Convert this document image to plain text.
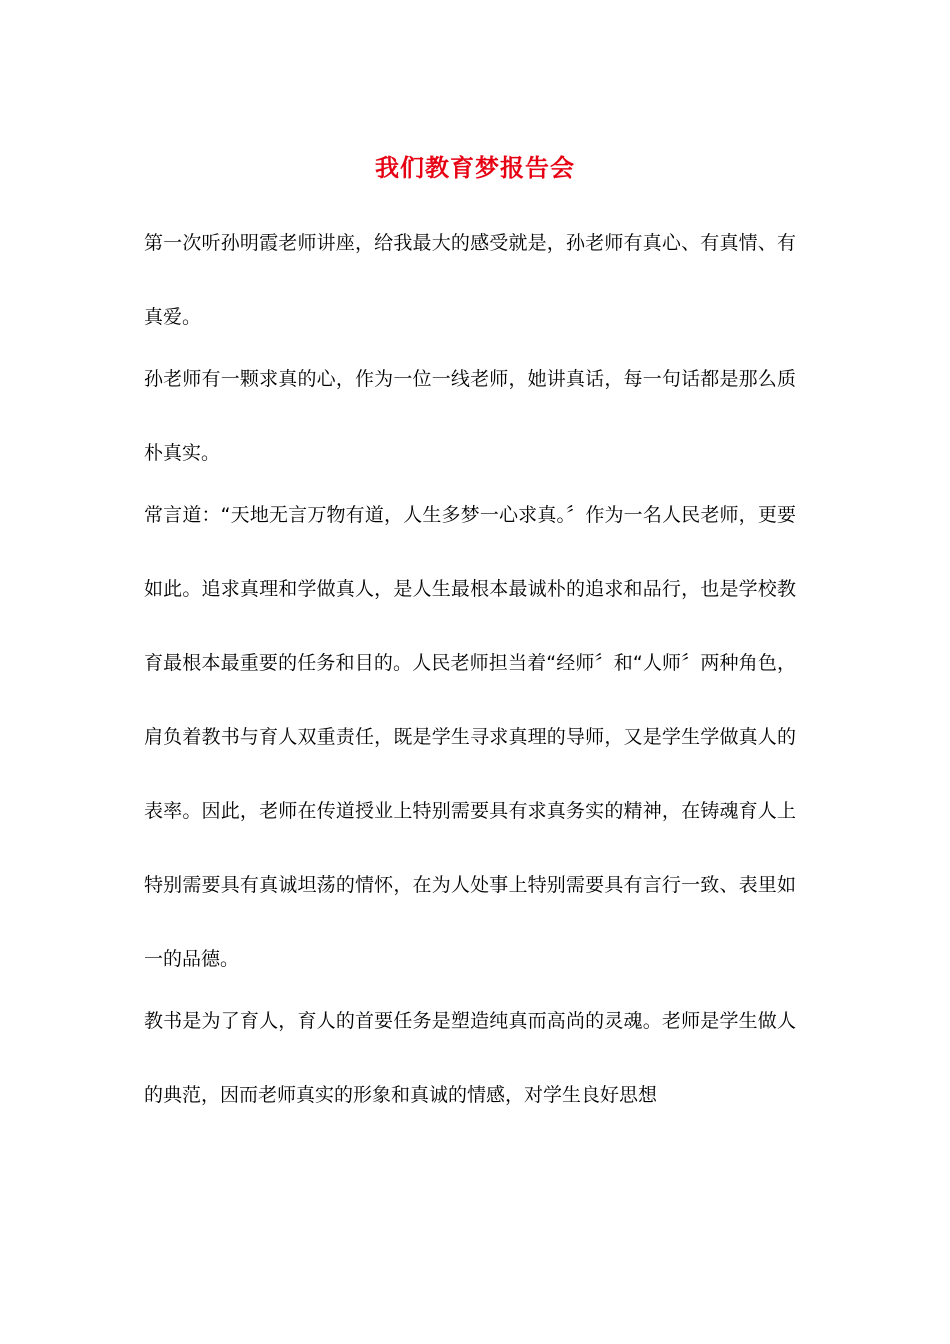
我们教育梦报告会

第一次听孙明霞老师讲座，给我最大的感受就是，孙老师有真心、有真情、有真爱。

孙老师有一颗求真的心，作为一位一线老师，她讲真话，每一句话都是那么质朴真实。

常言道：“天地无言万物有道，人生多梦一心求真。〞作为一名人民老师，更要如此。追求真理和学做真人，是人生最根本最诚朴的追求和品行，也是学校教育最根本最重要的任务和目的。人民老师担当着“经师〞和“人师〞两种角色，肩负着教书与育人双重责任，既是学生寻求真理的导师，又是学生学做真人的表率。因此，老师在传道授业上特别需要具有求真务实的精神，在铸魂育人上特别需要具有真诚坦荡的情怀，在为人处事上特别需要具有言行一致、表里如一的品德。

教书是为了育人，育人的首要任务是塑造纯真而高尚的灵魂。老师是学生做人的典范，因而老师真实的形象和真诚的情感，对学生良好思想
